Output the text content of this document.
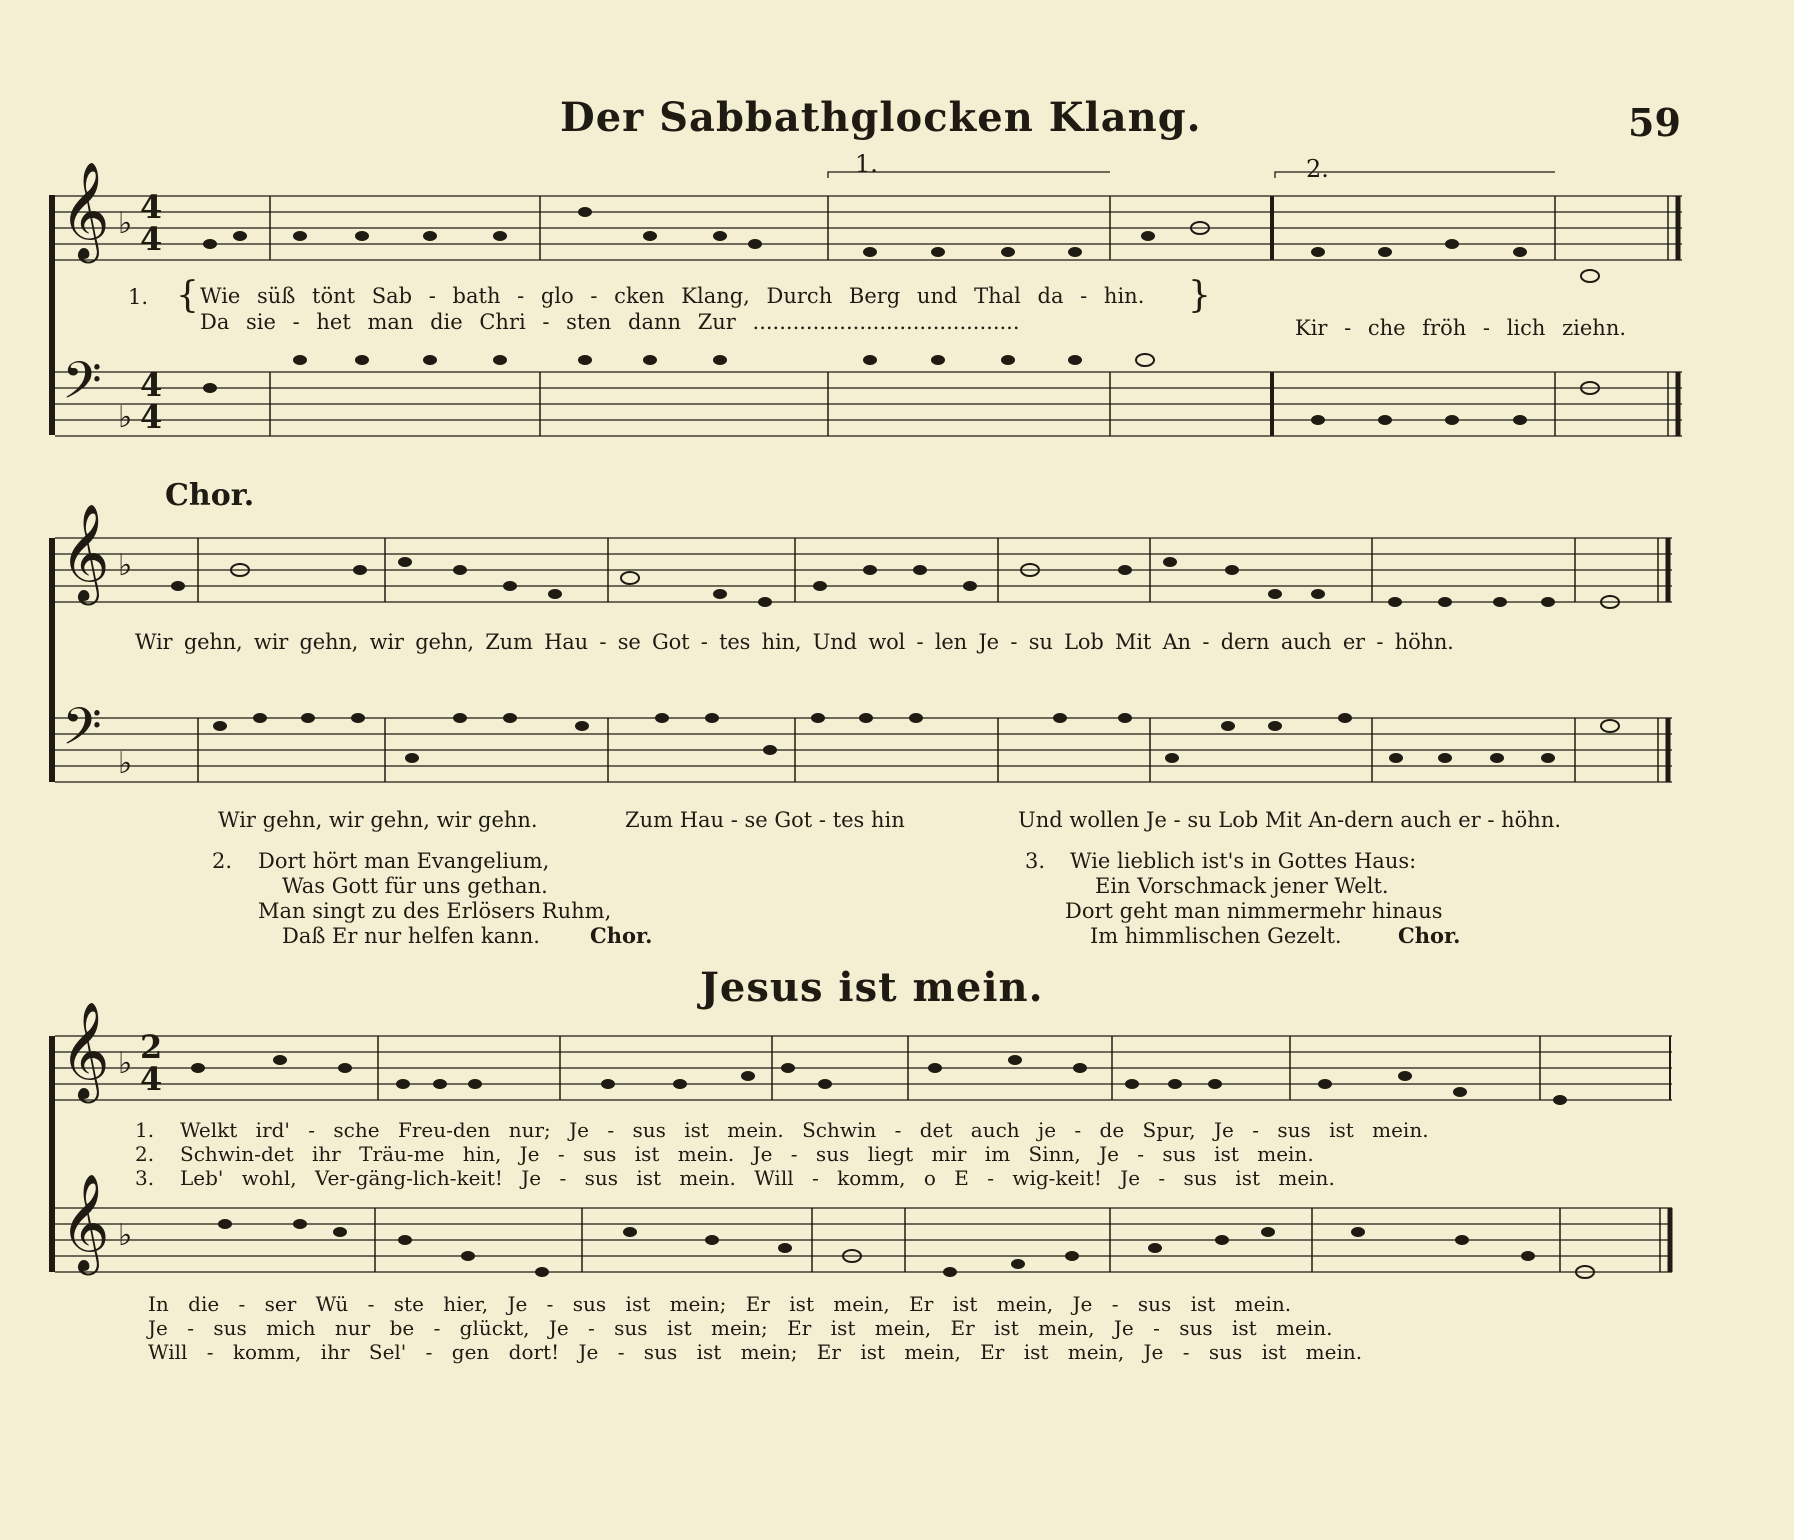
59
Der Sabbathglocken Klang.
1.	2.
𝄞 ♭ 4
4
𝄢 ♭
4
4
𝄞 ♭
𝄢 ♭
𝄞 ♭ 2
4
𝄞 ♭
1. { Wie süß tönt Sab - bath - glo - cken Klang, Durch Berg und Thal da - hin.
Da sie - het man die Chri - sten dann Zur ........................................
}
Kir - che fröh - lich ziehn.
Chor.
Wir gehn, wir gehn, wir gehn, Zum Hau - se Got - tes hin, Und wol - len Je - su Lob Mit An - dern auch er - höhn.
Wir gehn, wir gehn, wir gehn.	Zum Hau - se Got - tes hin	Und wollen Je - su Lob Mit An-dern auch er - höhn.
2. Dort hört man Evangelium,
Was Gott für uns gethan.
Man singt zu des Erlösers Ruhm,
Daß Er nur helfen kann. Chor.
3. Wie lieblich ist's in Gottes Haus:
Ein Vorschmack jener Welt.
Dort geht man nimmermehr hinaus
Im himmlischen Gezelt.	Chor.
Jesus ist mein.
1. Welkt ird' - sche Freu-den nur; Je - sus ist mein. Schwin - det auch je - de Spur, Je - sus ist mein.
2. Schwin-det ihr Träu-me hin, Je - sus ist mein. Je - sus liegt mir im Sinn, Je - sus ist mein.
3. Leb' wohl, Ver-gäng-lich-keit! Je - sus ist mein. Will - komm, o E - wig-keit! Je - sus ist mein.
In die - ser Wü - ste hier, Je - sus ist mein; Er ist mein, Er ist mein, Je - sus ist mein.
Je - sus mich nur be - glückt, Je - sus ist mein; Er ist mein, Er ist mein, Je - sus ist mein.
Will - komm, ihr Sel' - gen dort! Je - sus ist mein; Er ist mein, Er ist mein, Je - sus ist mein.
